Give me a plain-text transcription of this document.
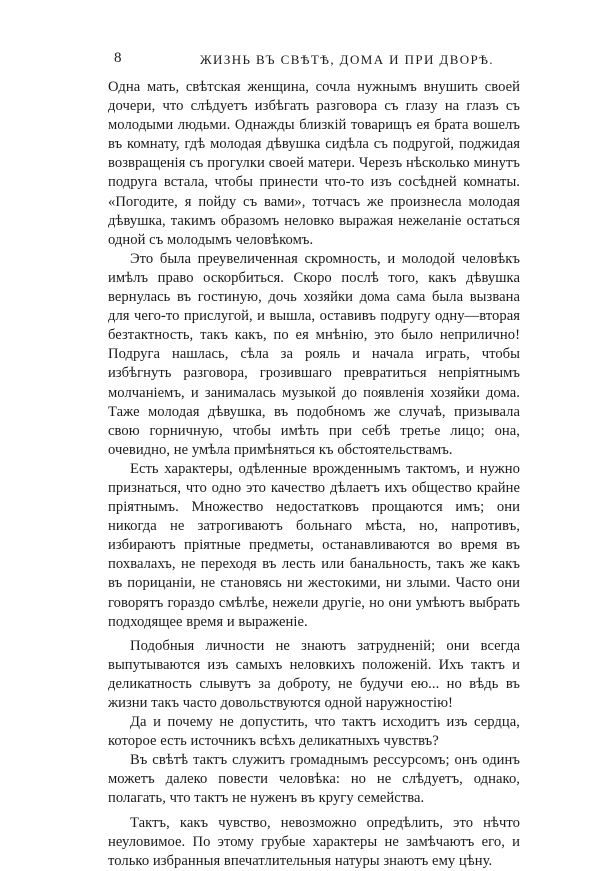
8	ЖИЗНЬ ВЪ СВѢТѢ, ДОМА И ПРИ ДВОРѢ.

Одна мать, свѣтская женщина, сочла нужнымъ внушить своей дочери, что слѣдуетъ избѣгать разговора съ глазу на глазъ съ молодыми людьми. Однажды близкій товарищъ ея брата вошелъ въ комнату, гдѣ молодая дѣвушка сидѣла съ подругой, поджидая возвращенія съ прогулки своей матери. Черезъ нѣсколько минутъ подруга встала, чтобы принести что-то изъ сосѣдней комнаты. «Погодите, я пойду съ вами», тотчасъ же произнесла молодая дѣвушка, такимъ образомъ неловко выражая нежеланіе остаться одной съ молодымъ человѣкомъ.

Это была преувеличенная скромность, и молодой человѣкъ имѣлъ право оскорбиться. Скоро послѣ того, какъ дѣвушка вернулась въ гостиную, дочь хозяйки дома сама была вызвана для чего-то прислугой, и вышла, оставивъ подругу одну—вторая безтактность, такъ какъ, по ея мнѣнію, это было неприлично! Подруга нашлась, сѣла за рояль и начала играть, чтобы избѣгнуть разговора, грозившаго превратиться непріятнымъ молчаніемъ, и занималась музыкой до появленія хозяйки дома. Таже молодая дѣвушка, въ подобномъ же случаѣ, призывала свою горничную, чтобы имѣть при себѣ третье лицо; она, очевидно, не умѣла примѣняться къ обстоятельствамъ.

Есть характеры, одѣленные врожденнымъ тактомъ, и нужно признаться, что одно это качество дѣлаетъ ихъ общество крайне пріятнымъ. Множество недостатковъ прощаются имъ; они никогда не затрогиваютъ больнаго мѣста, но, напротивъ, избираютъ пріятные предметы, останавливаются во время въ похвалахъ, не переходя въ лесть или банальность, такъ же какъ въ порицаніи, не становясь ни жестокими, ни злыми. Часто они говорятъ гораздо смѣлѣе, нежели другіе, но они умѣютъ выбрать подходящее время и выраженіе.

Подобныя личности не знаютъ затрудненій; они всегда выпутываются изъ самыхъ неловкихъ положеній. Ихъ тактъ и деликатность слывутъ за доброту, не будучи ею... но вѣдь въ жизни такъ часто довольствуются одной наружностію!

Да и почему не допустить, что тактъ исходитъ изъ сердца, которое есть источникъ всѣхъ деликатныхъ чувствъ?

Въ свѣтѣ тактъ служитъ громаднымъ рессурсомъ; онъ одинъ можетъ далеко повести человѣка: но не слѣдуетъ, однако, полагать, что тактъ не нуженъ въ кругу семейства.

Тактъ, какъ чувство, невозможно опредѣлить, это нѣчто неуловимое. По этому грубые характеры не замѣчаютъ его, и только избранныя впечатлительныя натуры знаютъ ему цѣну.
